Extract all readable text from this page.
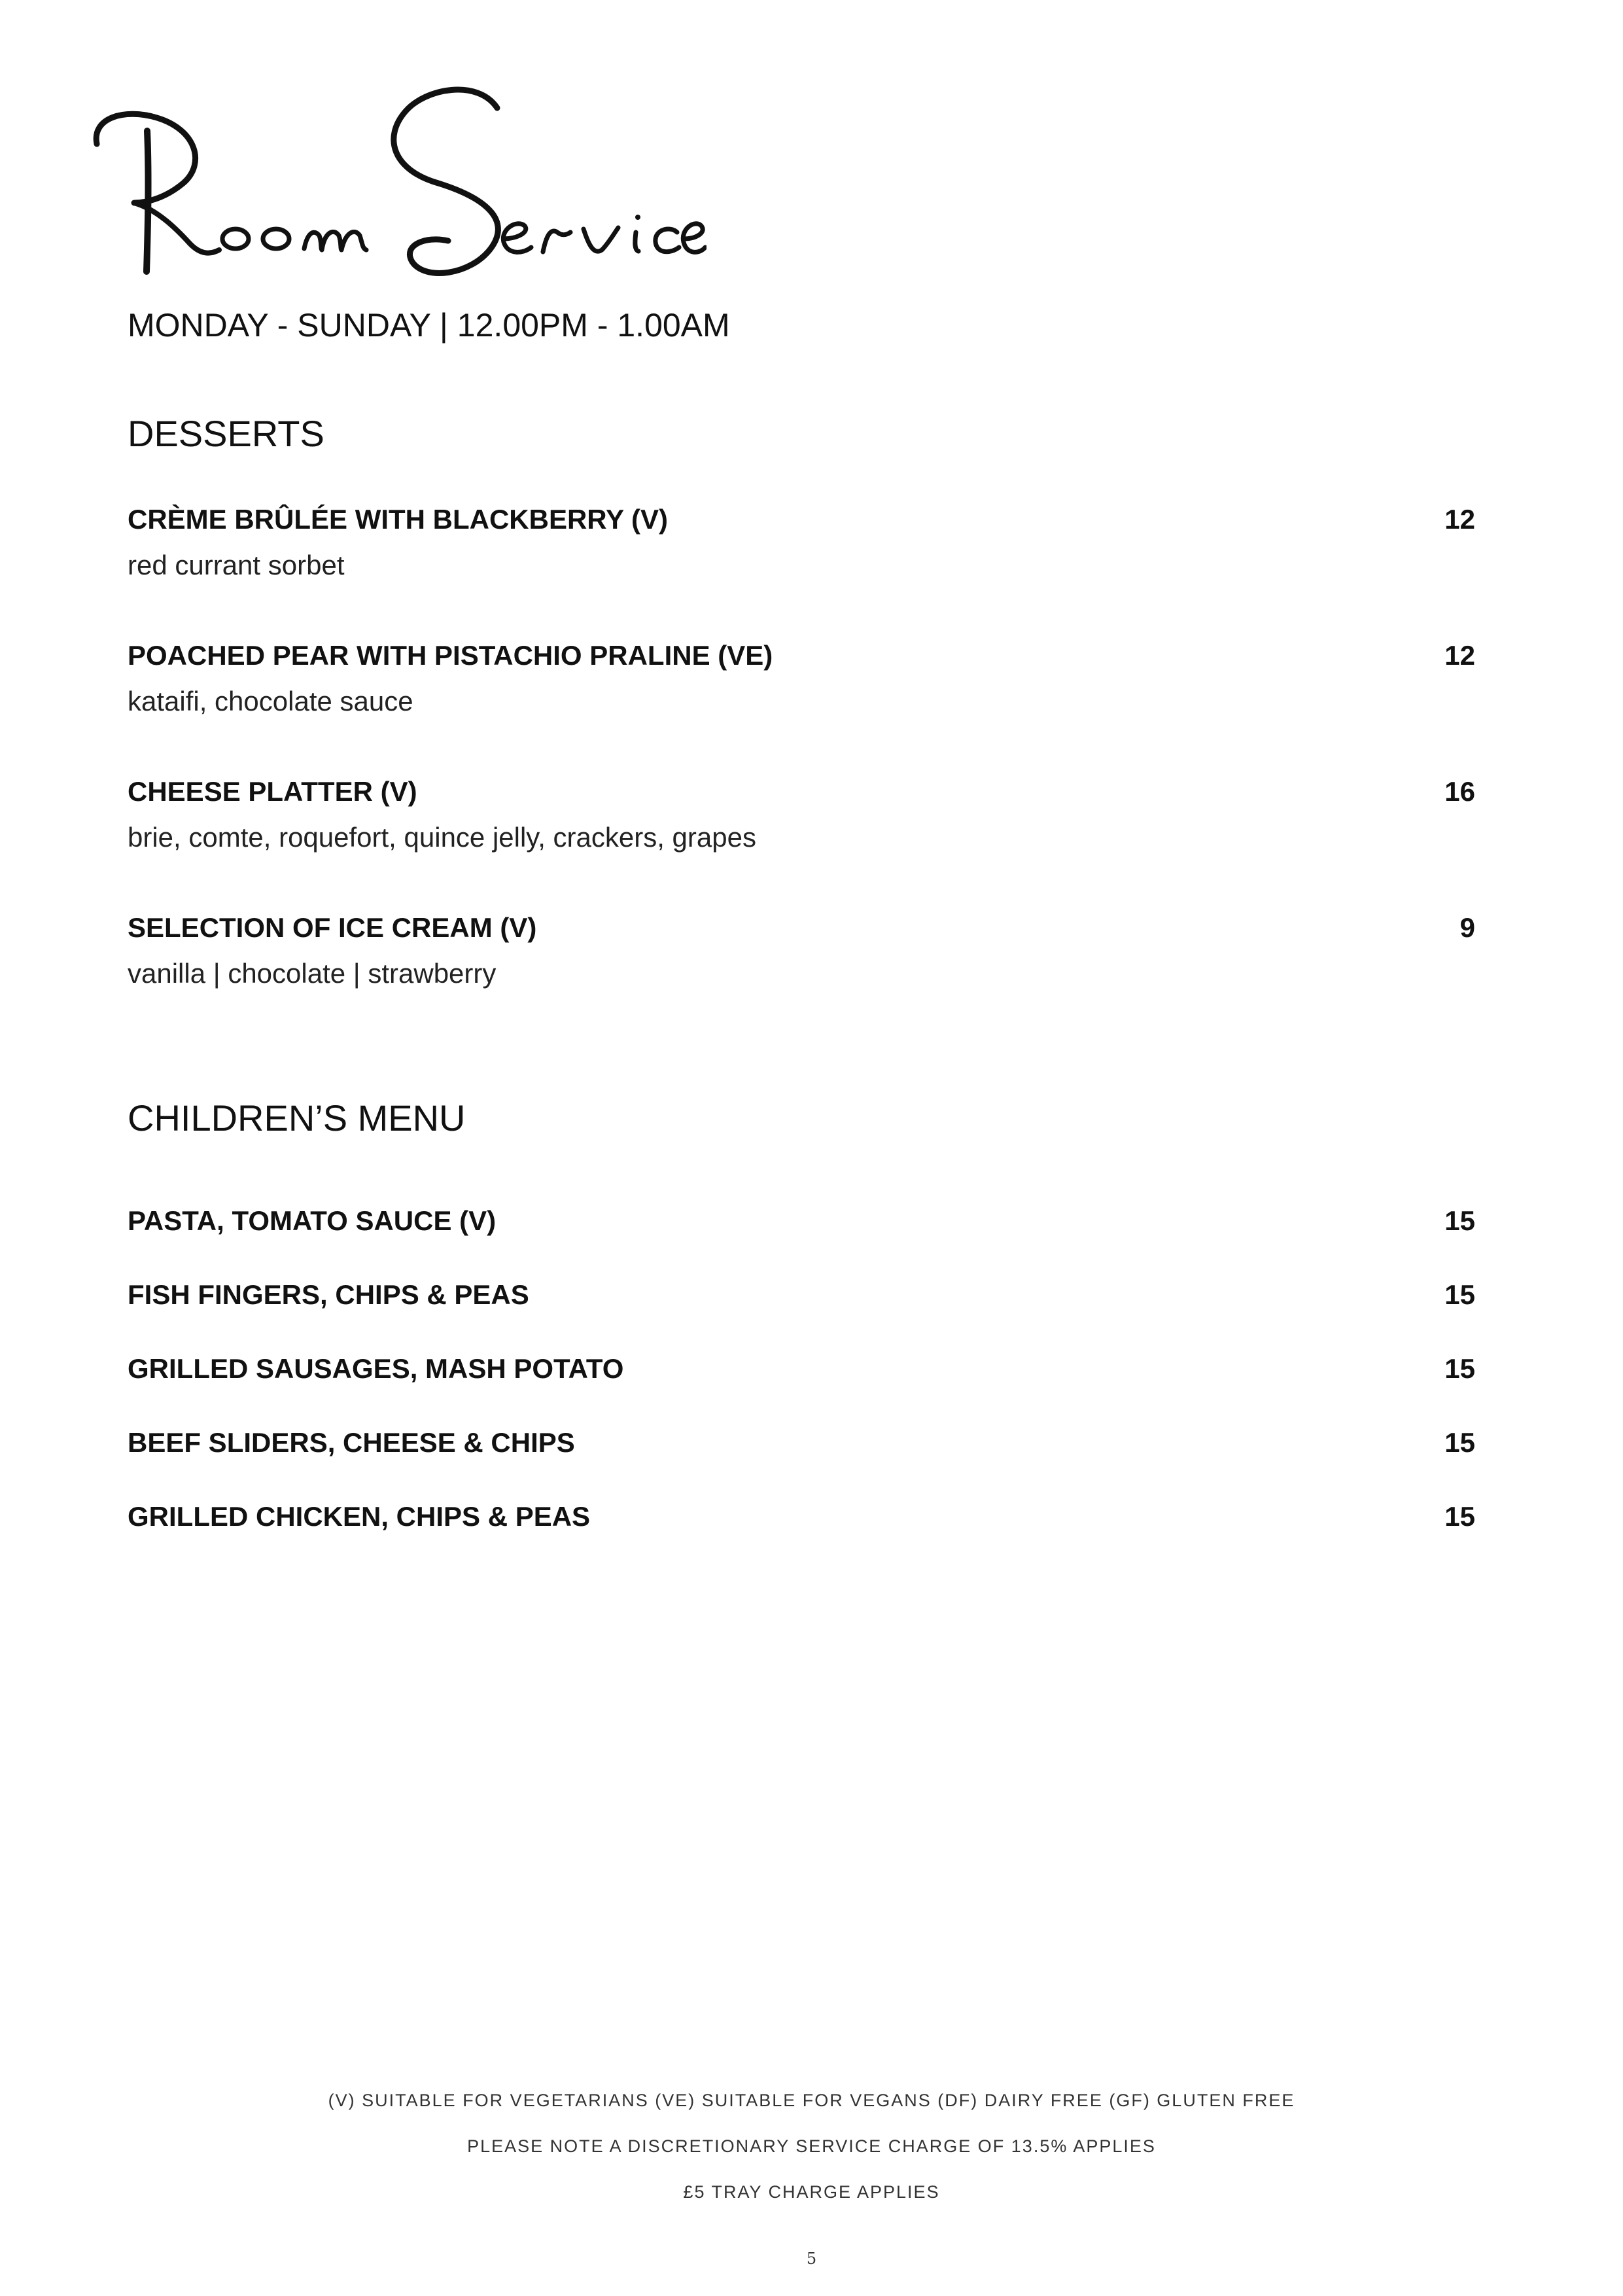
MONDAY - SUNDAY | 12.00PM - 1.00AM
DESSERTS
CRÈME BRÛLÉE WITH BLACKBERRY (V)	12
red currant sorbet
POACHED PEAR WITH PISTACHIO PRALINE (VE)	12
kataifi, chocolate sauce
CHEESE PLATTER (V)	16
brie, comte, roquefort, quince jelly, crackers, grapes
SELECTION OF ICE CREAM (V)	9
vanilla | chocolate | strawberry
CHILDREN’S MENU
PASTA, TOMATO SAUCE (V)	15
FISH FINGERS, CHIPS & PEAS	15
GRILLED SAUSAGES, MASH POTATO	15
BEEF SLIDERS, CHEESE & CHIPS	15
GRILLED CHICKEN, CHIPS & PEAS	15
(V) SUITABLE FOR VEGETARIANS (VE) SUITABLE FOR VEGANS (DF) DAIRY FREE (GF) GLUTEN FREE
PLEASE NOTE A DISCRETIONARY SERVICE CHARGE OF 13.5% APPLIES
£5 TRAY CHARGE APPLIES
5
